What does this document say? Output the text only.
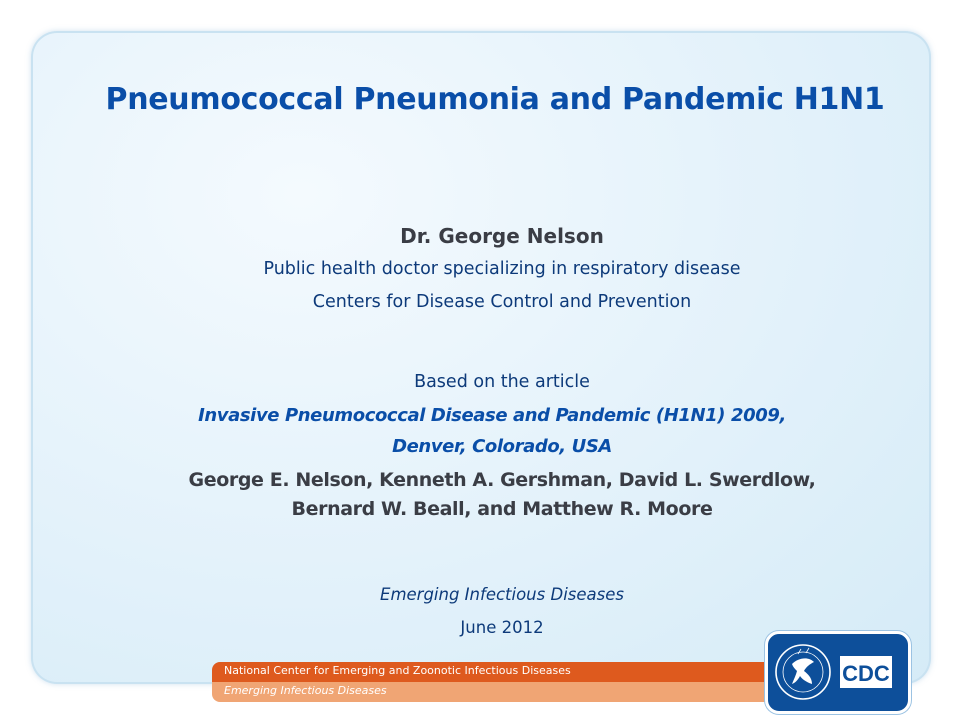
Pneumococcal Pneumonia and Pandemic H1N1
Dr. George Nelson
Public health doctor specializing in respiratory disease
Centers for Disease Control and Prevention
Based on the article
Invasive Pneumococcal Disease and Pandemic (H1N1) 2009,
Denver, Colorado, USA
George E. Nelson, Kenneth A. Gershman, David L. Swerdlow,
Bernard W. Beall, and Matthew R. Moore
Emerging Infectious Diseases
June 2012
National Center for Emerging and Zoonotic Infectious Diseases
Emerging Infectious Diseases
CDC
